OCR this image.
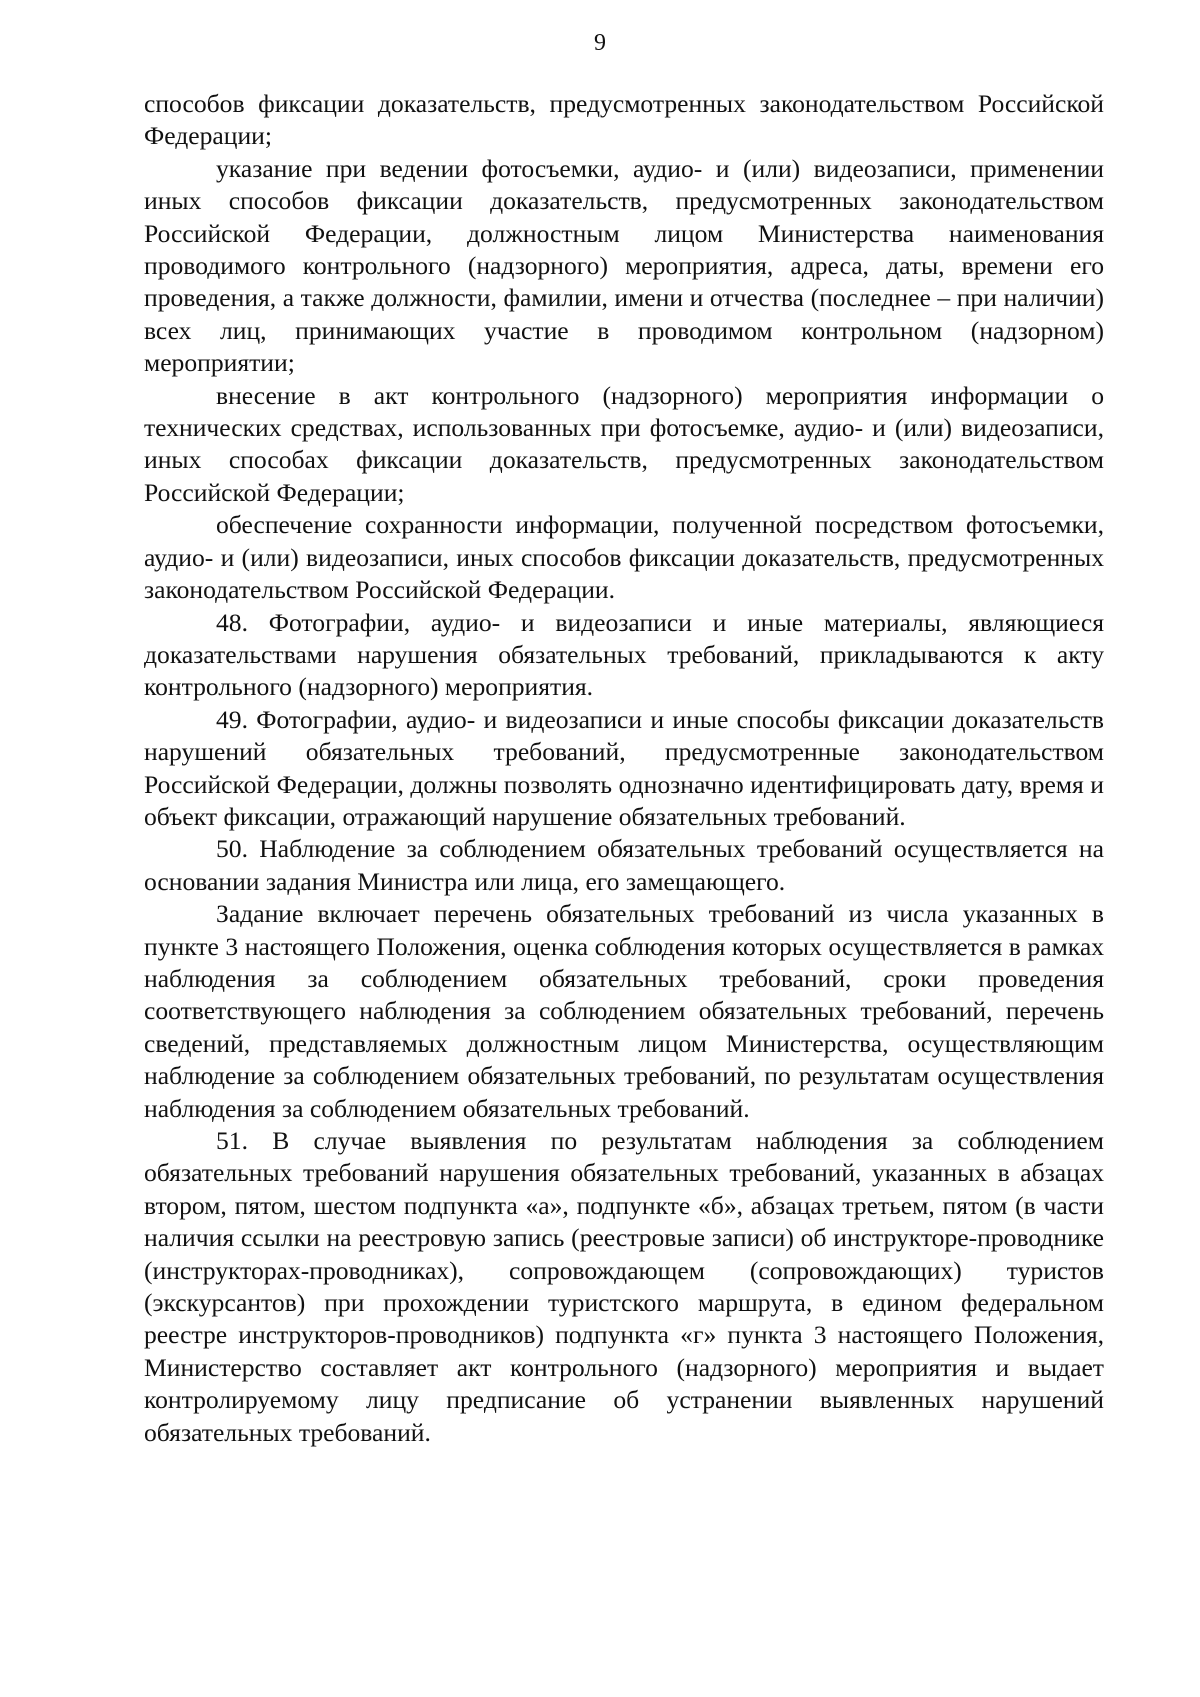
9

способов фиксации доказательств, предусмотренных законодательством Российской Федерации;

указание при ведении фотосъемки, аудио- и (или) видеозаписи, применении иных способов фиксации доказательств, предусмотренных законодательством Российской Федерации, должностным лицом Министерства наименования проводимого контрольного (надзорного) мероприятия, адреса, даты, времени его проведения, а также должности, фамилии, имени и отчества (последнее – при наличии) всех лиц, принимающих участие в проводимом контрольном (надзорном) мероприятии;

внесение в акт контрольного (надзорного) мероприятия информации о технических средствах, использованных при фотосъемке, аудио- и (или) видеозаписи, иных способах фиксации доказательств, предусмотренных законодательством Российской Федерации;

обеспечение сохранности информации, полученной посредством фотосъемки, аудио- и (или) видеозаписи, иных способов фиксации доказательств, предусмотренных законодательством Российской Федерации.

48. Фотографии, аудио- и видеозаписи и иные материалы, являющиеся доказательствами нарушения обязательных требований, прикладываются к акту контрольного (надзорного) мероприятия.

49. Фотографии, аудио- и видеозаписи и иные способы фиксации доказательств нарушений обязательных требований, предусмотренные законодательством Российской Федерации, должны позволять однозначно идентифицировать дату, время и объект фиксации, отражающий нарушение обязательных требований.

50. Наблюдение за соблюдением обязательных требований осуществляется на основании задания Министра или лица, его замещающего.

Задание включает перечень обязательных требований из числа указанных в пункте 3 настоящего Положения, оценка соблюдения которых осуществляется в рамках наблюдения за соблюдением обязательных требований, сроки проведения соответствующего наблюдения за соблюдением обязательных требований, перечень сведений, представляемых должностным лицом Министерства, осуществляющим наблюдение за соблюдением обязательных требований, по результатам осуществления наблюдения за соблюдением обязательных требований.

51. В случае выявления по результатам наблюдения за соблюдением обязательных требований нарушения обязательных требований, указанных в абзацах втором, пятом, шестом подпункта «а», подпункте «б», абзацах третьем, пятом (в части наличия ссылки на реестровую запись (реестровые записи) об инструкторе-проводнике (инструкторах-проводниках), сопровождающем (сопровождающих) туристов (экскурсантов) при прохождении туристского маршрута, в едином федеральном реестре инструкторов-проводников) подпункта «г» пункта 3 настоящего Положения, Министерство составляет акт контрольного (надзорного) мероприятия и выдает контролируемому лицу предписание об устранении выявленных нарушений обязательных требований.
